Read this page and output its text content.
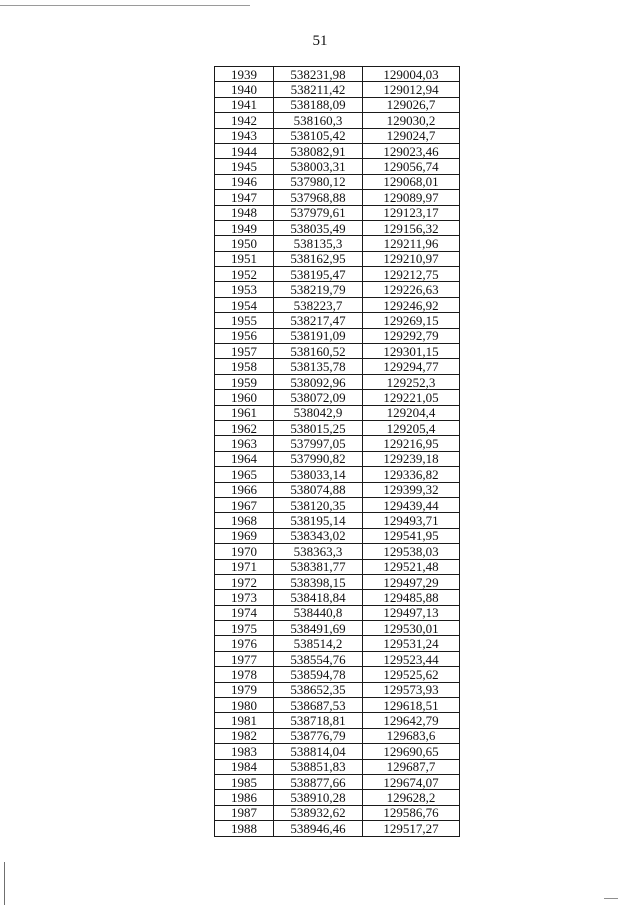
51
1939	538231,98	129004,03
1940	538211,42	129012,94
1941	538188,09	129026,7
1942	538160,3	129030,2
1943	538105,42	129024,7
1944	538082,91	129023,46
1945	538003,31	129056,74
1946	537980,12	129068,01
1947	537968,88	129089,97
1948	537979,61	129123,17
1949	538035,49	129156,32
1950	538135,3	129211,96
1951	538162,95	129210,97
1952	538195,47	129212,75
1953	538219,79	129226,63
1954	538223,7	129246,92
1955	538217,47	129269,15
1956	538191,09	129292,79
1957	538160,52	129301,15
1958	538135,78	129294,77
1959	538092,96	129252,3
1960	538072,09	129221,05
1961	538042,9	129204,4
1962	538015,25	129205,4
1963	537997,05	129216,95
1964	537990,82	129239,18
1965	538033,14	129336,82
1966	538074,88	129399,32
1967	538120,35	129439,44
1968	538195,14	129493,71
1969	538343,02	129541,95
1970	538363,3	129538,03
1971	538381,77	129521,48
1972	538398,15	129497,29
1973	538418,84	129485,88
1974	538440,8	129497,13
1975	538491,69	129530,01
1976	538514,2	129531,24
1977	538554,76	129523,44
1978	538594,78	129525,62
1979	538652,35	129573,93
1980	538687,53	129618,51
1981	538718,81	129642,79
1982	538776,79	129683,6
1983	538814,04	129690,65
1984	538851,83	129687,7
1985	538877,66	129674,07
1986	538910,28	129628,2
1987	538932,62	129586,76
1988	538946,46	129517,27
